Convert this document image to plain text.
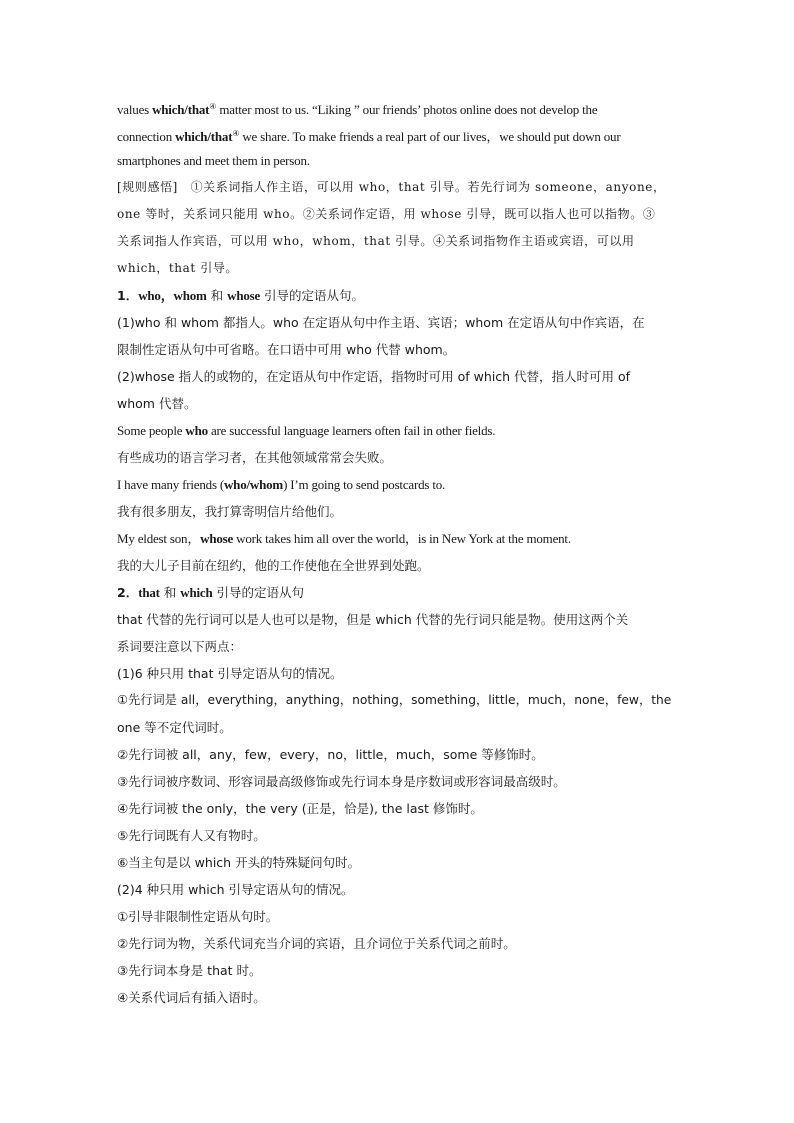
values which/that④ matter most to us. “Liking ” our friends’ photos online does not develop the
connection which/that④ we share. To make friends a real part of our lives，we should put down our
smartphones and meet them in person.
[规则感悟]　①关系词指人作主语，可以用 who，that 引导。若先行词为 someone，anyone，
one 等时，关系词只能用 who。②关系词作定语，用 whose 引导，既可以指人也可以指物。③
关系词指人作宾语，可以用 who，whom，that 引导。④关系词指物作主语或宾语，可以用
which，that 引导。
1．who，whom 和 whose 引导的定语从句。
(1)who 和 whom 都指人。who 在定语从句中作主语、宾语；whom 在定语从句中作宾语，在
限制性定语从句中可省略。在口语中可用 who 代替 whom。
(2)whose 指人的或物的，在定语从句中作定语，指物时可用 of which 代替，指人时可用 of
whom 代替。
Some people who are successful language learners often fail in other fields.
有些成功的语言学习者，在其他领域常常会失败。
I have many friends (who/whom) I’m going to send postcards to.
我有很多朋友，我打算寄明信片给他们。
My eldest son，whose work takes him all over the world，is in New York at the moment.
我的大儿子目前在纽约，他的工作使他在全世界到处跑。
2．that 和 which 引导的定语从句
that 代替的先行词可以是人也可以是物，但是 which 代替的先行词只能是物。使用这两个关
系词要注意以下两点：
(1)6 种只用 that 引导定语从句的情况。
①先行词是 all，everything，anything，nothing，something，little，much，none，few，the
one 等不定代词时。
②先行词被 all，any，few，every，no，little，much，some 等修饰时。
③先行词被序数词、形容词最高级修饰或先行词本身是序数词或形容词最高级时。
④先行词被 the only，the very (正是，恰是), the last 修饰时。
⑤先行词既有人又有物时。
⑥当主句是以 which 开头的特殊疑问句时。
(2)4 种只用 which 引导定语从句的情况。
①引导非限制性定语从句时。
②先行词为物，关系代词充当介词的宾语，且介词位于关系代词之前时。
③先行词本身是 that 时。
④关系代词后有插入语时。
